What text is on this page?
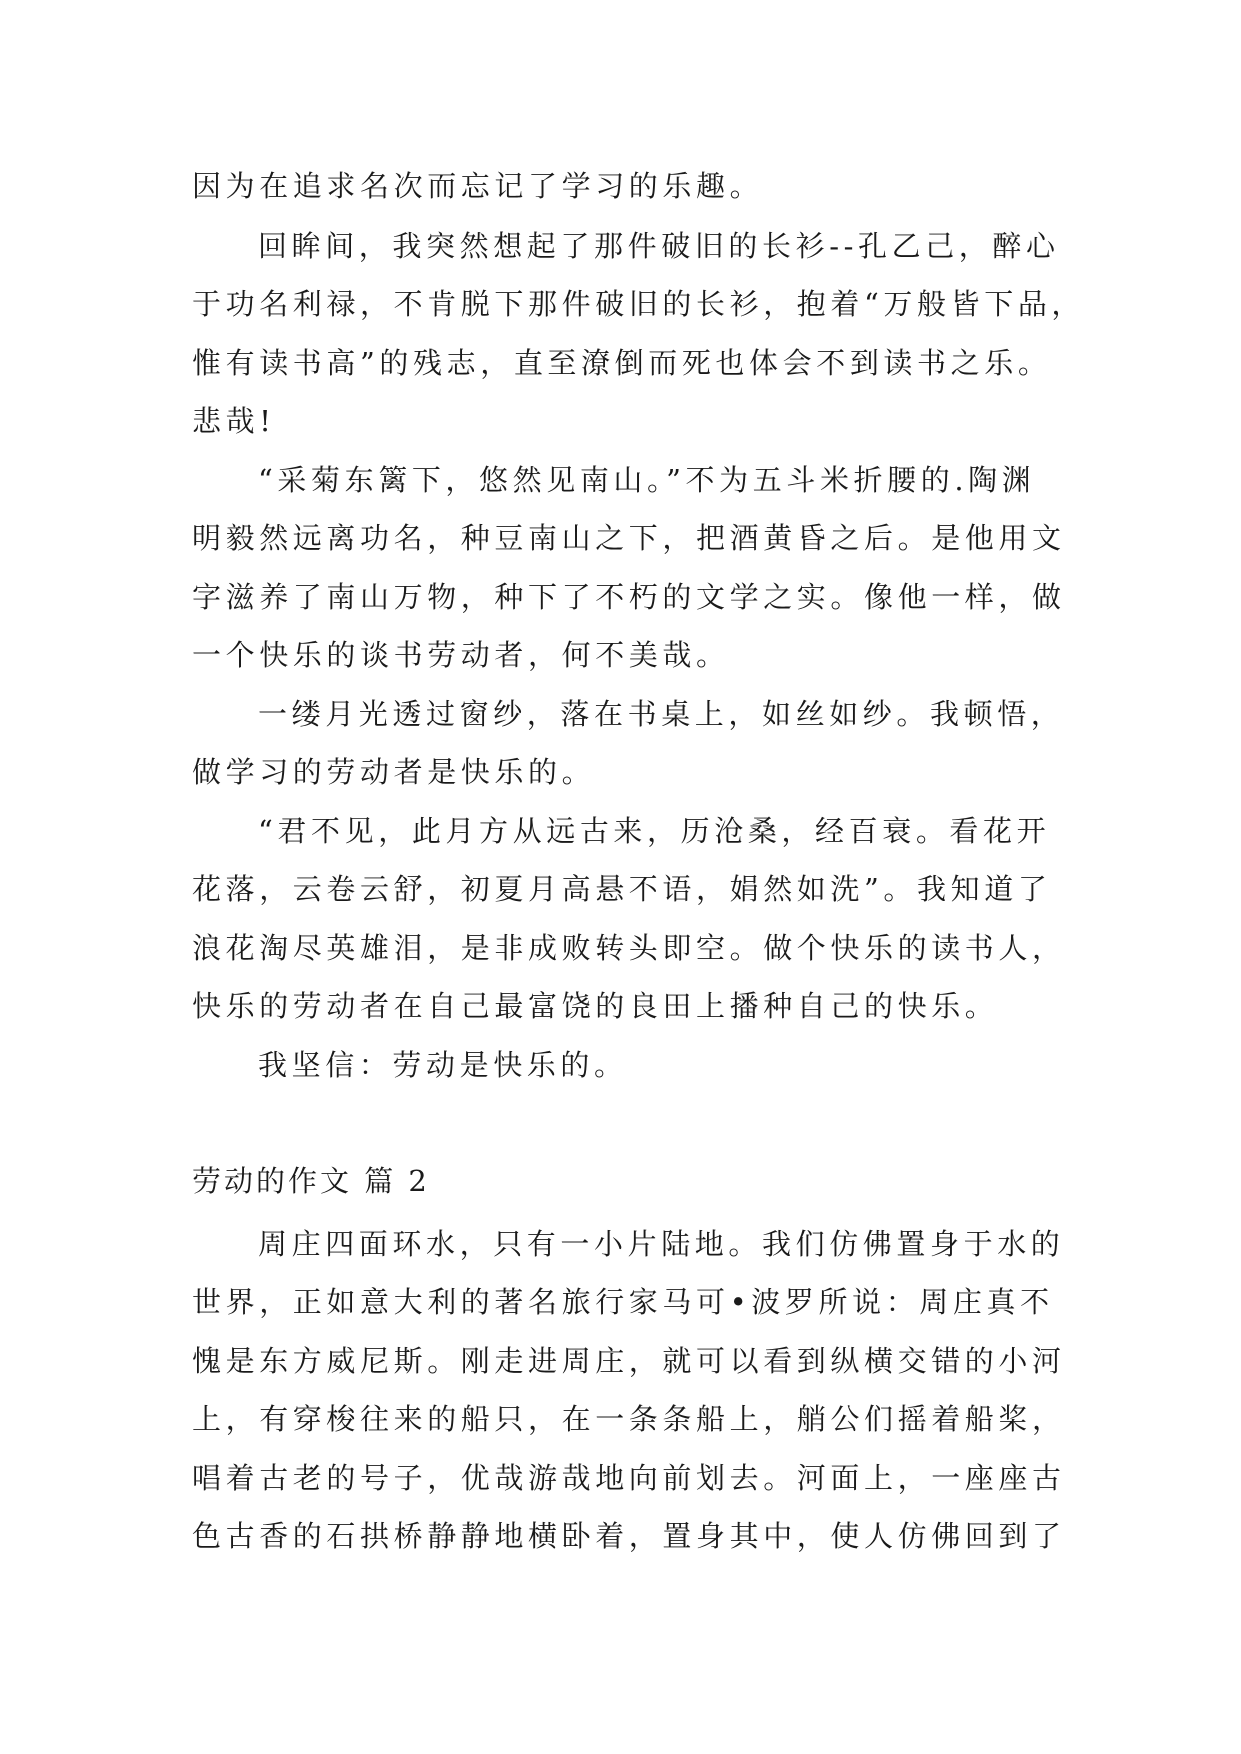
因为在追求名次而忘记了学习的乐趣。
回眸间，我突然想起了那件破旧的长衫--孔乙己，醉心
于功名利禄，不肯脱下那件破旧的长衫，抱着“万般皆下品，
惟有读书高”的残志，直至潦倒而死也体会不到读书之乐。
悲哉!
“采菊东篱下，悠然见南山。”不为五斗米折腰的.陶渊
明毅然远离功名，种豆南山之下，把酒黄昏之后。是他用文
字滋养了南山万物，种下了不朽的文学之实。像他一样，做
一个快乐的谈书劳动者，何不美哉。
一缕月光透过窗纱，落在书桌上，如丝如纱。我顿悟，
做学习的劳动者是快乐的。
“君不见，此月方从远古来，历沧桑，经百衰。看花开
花落，云卷云舒，初夏月高悬不语，娟然如洗”。我知道了
浪花淘尽英雄泪，是非成败转头即空。做个快乐的读书人，
快乐的劳动者在自己最富饶的良田上播种自己的快乐。
我坚信：劳动是快乐的。
劳动的作文 篇 2
周庄四面环水，只有一小片陆地。我们仿佛置身于水的
世界，正如意大利的著名旅行家马可•波罗所说：周庄真不
愧是东方威尼斯。刚走进周庄，就可以看到纵横交错的小河
上，有穿梭往来的船只，在一条条船上，艄公们摇着船桨，
唱着古老的号子，优哉游哉地向前划去。河面上，一座座古
色古香的石拱桥静静地横卧着，置身其中，使人仿佛回到了
